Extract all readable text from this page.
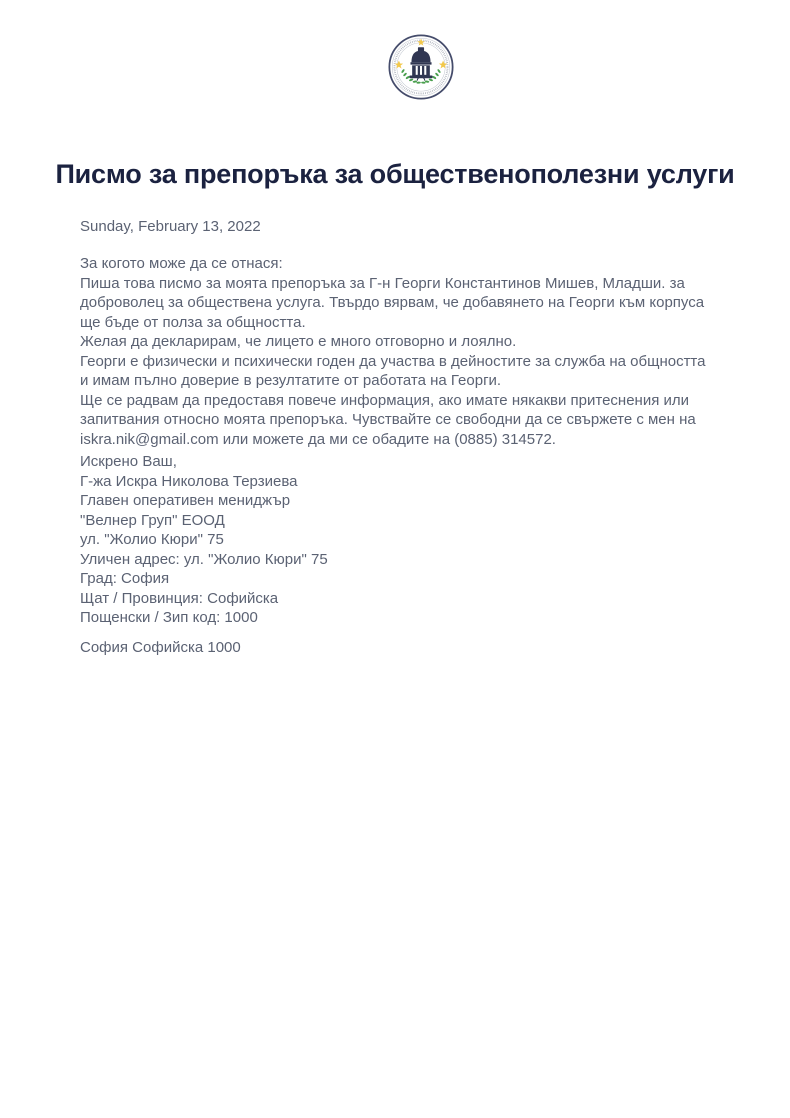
Писмо за препоръка за общественополезни услуги
Sunday, February 13, 2022
За когото може да се отнася:
Пиша това писмо за моята препоръка за Г-н Георги Константинов Мишев, Младши. за
доброволец за обществена услуга. Твърдо вярвам, че добавянето на Георги към корпуса
ще бъде от полза за общността.
Желая да декларирам, че лицето е много отговорно и лоялно.
Георги е физически и психически годен да участва в дейностите за служба на общността
и имам пълно доверие в резултатите от работата на Георги.
Ще се радвам да предоставя повече информация, ако имате някакви притеснения или
запитвания относно моята препоръка. Чувствайте се свободни да се свържете с мен на
iskra.nik@gmail.com или можете да ми се обадите на (0885) 314572.
Искрено Ваш,
Г-жа Искра Николова Терзиева
Главен оперативен мениджър
"Велнер Груп" ЕООД
ул. "Жолио Кюри" 75
Уличен адрес: ул. "Жолио Кюри" 75
Град: София
Щат / Провинция: Софийска
Пощенски / Зип код: 1000
София Софийска 1000
